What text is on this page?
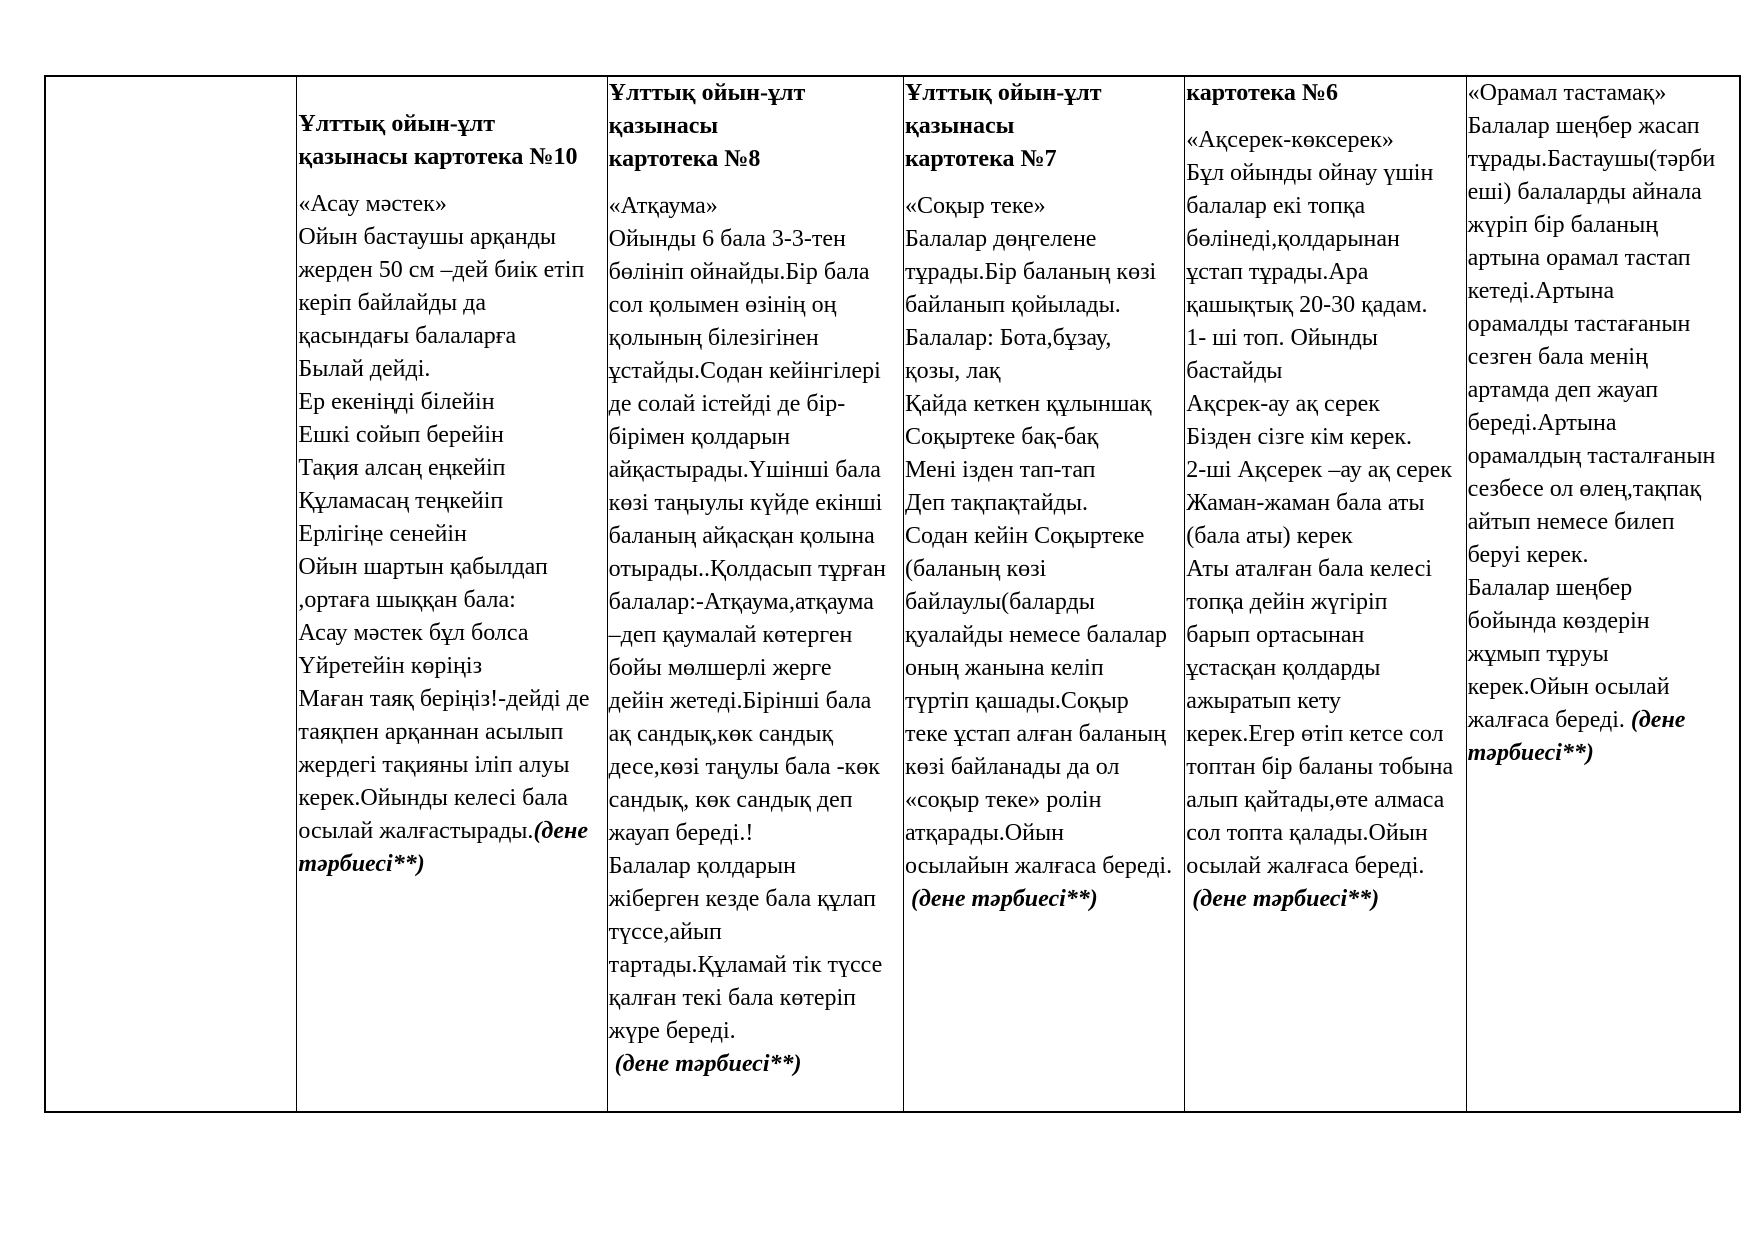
Ұлттық ойын-ұлт
қазынасы картотека №10
«Асау мәстек»
Ойын бастаушы арқанды
жерден 50 см –дей биік етіп
керіп байлайды да
қасындағы балаларға
Былай дейді.
Ер екеніңді білейін
Ешкі сойып берейін
Тақия алсаң еңкейіп
Құламасаң теңкейіп
Ерлігіңе сенейін
Ойын шартын қабылдап
,ортаға шыққан бала:
Асау мәстек бұл болса
Үйретейін көріңіз
Маған таяқ беріңіз!-дейді де
таяқпен арқаннан асылып
жердегі тақияны іліп алуы
керек.Ойынды келесі бала
осылай жалғастырады.(дене
тәрбиесі**)
Ұлттық ойын-ұлт
қазынасы
картотека №8
«Атқаума»
Ойынды 6 бала 3-3-тен
бөлініп ойнайды.Бір бала
сол қолымен өзінің оң
қолының білезігінен
ұстайды.Содан кейінгілері
де солай істейді де бір-
бірімен қолдарын
айқастырады.Үшінші бала
көзі таңыулы күйде екінші
баланың айқасқан қолына
отырады..Қолдасып тұрған
балалар:-Атқаума,атқаума
–деп қаумалай көтерген
бойы мөлшерлі жерге
дейін жетеді.Бірінші бала
ақ сандық,көк сандық
десе,көзі таңулы бала -көк
сандық, көк сандық деп
жауап береді.!
Балалар қолдарын
жіберген кезде бала құлап
түссе,айып
тартады.Құламай тік түссе
қалған текі бала көтеріп
жүре береді.
(дене тәрбиесі**)
Ұлттық ойын-ұлт
қазынасы
картотека №7
«Соқыр теке»
Балалар дөңгелене
тұрады.Бір баланың көзі
байланып қойылады.
Балалар: Бота,бұзау,
қозы, лақ
Қайда кеткен құлыншақ
Соқыртеке бақ-бақ
Мені ізден тап-тап
Деп тақпақтайды.
Содан кейін Соқыртеке
(баланың көзі
байлаулы(баларды
қуалайды немесе балалар
оның жанына келіп
түртіп қашады.Соқыр
теке ұстап алған баланың
көзі байланады да ол
«соқыр теке» ролін
атқарады.Ойын
осылайын жалғаса береді.
(дене тәрбиесі**)
картотека №6
«Ақсерек-көксерек»
Бұл ойынды ойнау үшін
балалар екі топқа
бөлінеді,қолдарынан
ұстап тұрады.Ара
қашықтық 20-30 қадам.
1- ші топ. Ойынды
бастайды
Ақсрек-ау ақ серек
Бізден сізге кім керек.
2-ші Ақсерек –ау ақ серек
Жаман-жаман бала аты
(бала аты) керек
Аты аталған бала келесі
топқа дейін жүгіріп
барып ортасынан
ұстасқан қолдарды
ажыратып кету
керек.Егер өтіп кетсе сол
топтан бір баланы тобына
алып қайтады,өте алмаса
сол топта қалады.Ойын
осылай жалғаса береді.
(дене тәрбиесі**)
«Орамал тастамақ»
Балалар шеңбер жасап
тұрады.Бастаушы(тәрби
еші) балаларды айнала
жүріп бір баланың
артына орамал тастап
кетеді.Артына
орамалды тастағанын
сезген бала менің
артамда деп жауап
береді.Артына
орамалдың тасталғанын
сезбесе ол өлең,тақпақ
айтып немесе билеп
беруі керек.
Балалар шеңбер
бойында көздерін
жұмып тұруы
керек.Ойын осылай
жалғаса береді. (дене
тәрбиесі**)
